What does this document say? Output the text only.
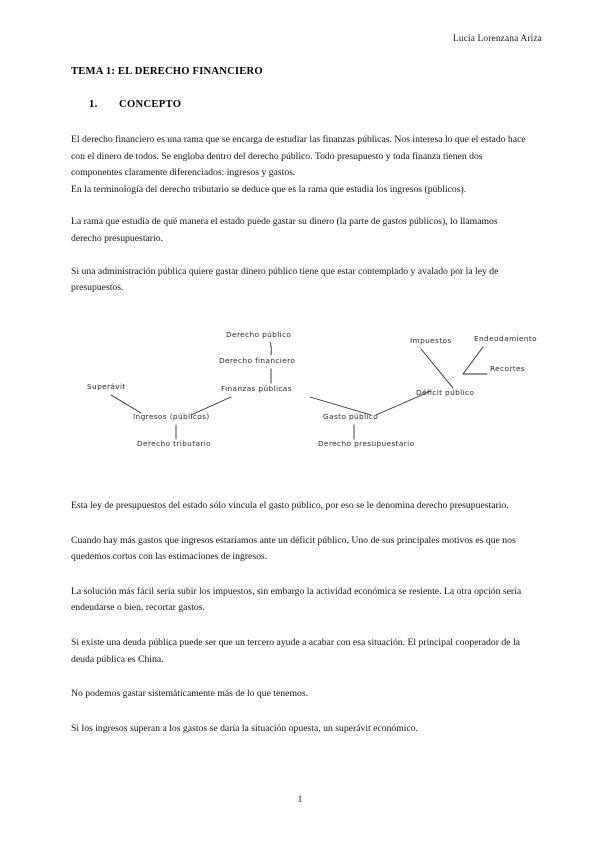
Lucía Lorenzana Ariza
TEMA 1: EL DERECHO FINANCIERO
1.	CONCEPTO

El derecho financiero es una rama que se encarga de estudiar las finanzas públicas. Nos interesa lo que el estado hace con el dinero de todos. Se engloba dentro del derecho público. Todo presupuesto y toda finanza tienen dos componentes claramente diferenciados: ingresos y gastos.

En la terminología del derecho tributario se deduce que es la rama que estudia los ingresos (públicos).

La rama que estudia de qué manera el estado puede gastar su dinero (la parte de gastos públicos), lo llamamos derecho presupuestario.

Si una administración pública quiere gastar dinero público tiene que estar contemplado y avalado por la ley de presupuestos.

Derecho público
Derecho financiero
Finanzas públicas
Superávit
Ingresos (públicos)
Derecho tributario
Gasto público
Derecho presupuestario
Déficit público
Impuestos	Endeudamiento
Recortes

Esta ley de presupuestos del estado sólo vincula el gasto público, por eso se le denomina derecho presupuestario.

Cuando hay más gastos que ingresos estaríamos ante un déficit público. Uno de sus principales motivos es que nos quedemos cortos con las estimaciones de ingresos.

La solución más fácil sería subir los impuestos, sin embargo la actividad económica se resiente. La otra opción sería endeudarse o bien, recortar gastos.

Si existe una deuda pública puede ser que un tercero ayude a acabar con esa situación. El principal cooperador de la deuda pública es China.

No podemos gastar sistemáticamente más de lo que tenemos.

Si los ingresos superan a los gastos se daría la situación opuesta, un superávit económico.

1
